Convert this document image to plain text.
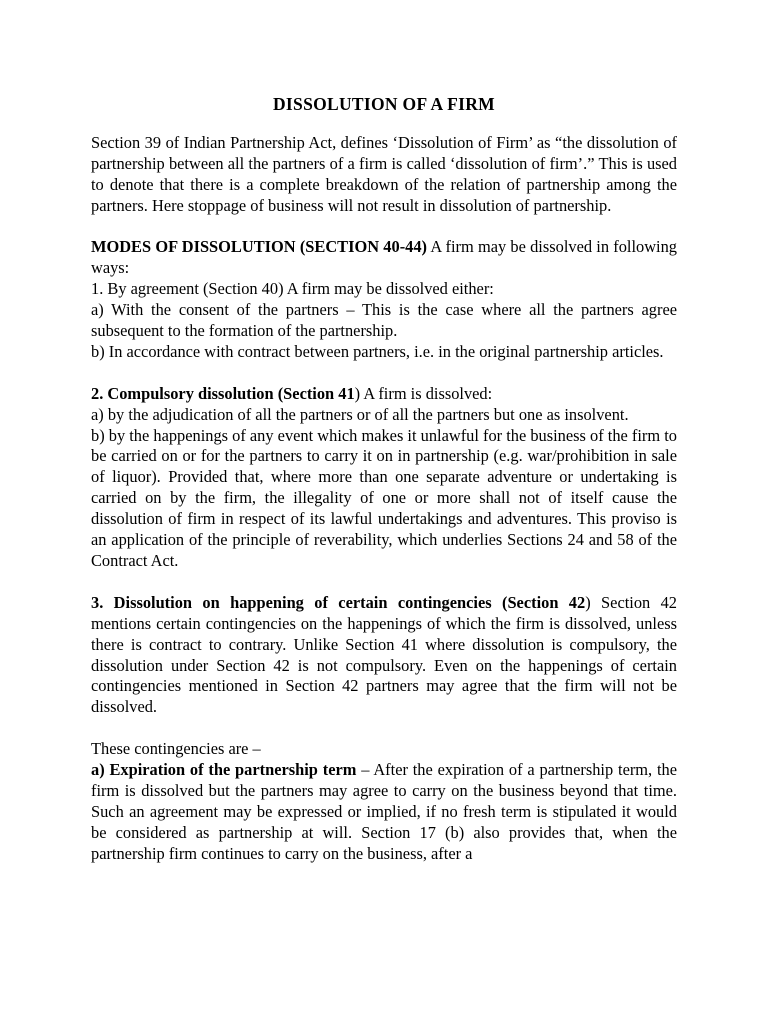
DISSOLUTION OF A FIRM

Section 39 of Indian Partnership Act, defines ‘Dissolution of Firm’ as “the dissolution of partnership between all the partners of a firm is called ‘dissolution of firm’.” This is used to denote that there is a complete breakdown of the relation of partnership among the partners. Here stoppage of business will not result in dissolution of partnership.

MODES OF DISSOLUTION (SECTION 40-44) A firm may be dissolved in following ways:

1. By agreement (Section 40) A firm may be dissolved either:

a) With the consent of the partners – This is the case where all the partners agree subsequent to the formation of the partnership.

b) In accordance with contract between partners, i.e. in the original partnership articles.

2. Compulsory dissolution (Section 41) A firm is dissolved:

a) by the adjudication of all the partners or of all the partners but one as insolvent.

b) by the happenings of any event which makes it unlawful for the business of the firm to be carried on or for the partners to carry it on in partnership (e.g. war/prohibition in sale of liquor). Provided that, where more than one separate adventure or undertaking is carried on by the firm, the illegality of one or more shall not of itself cause the dissolution of firm in respect of its lawful undertakings and adventures. This proviso is an application of the principle of reverability, which underlies Sections 24 and 58 of the Contract Act.

3. Dissolution on happening of certain contingencies (Section 42) Section 42 mentions certain contingencies on the happenings of which the firm is dissolved, unless there is contract to contrary. Unlike Section 41 where dissolution is compulsory, the dissolution under Section 42 is not compulsory. Even on the happenings of certain contingencies mentioned in Section 42 partners may agree that the firm will not be dissolved.

These contingencies are –

a) Expiration of the partnership term – After the expiration of a partnership term, the firm is dissolved but the partners may agree to carry on the business beyond that time. Such an agreement may be expressed or implied, if no fresh term is stipulated it would be considered as partnership at will. Section 17 (b) also provides that, when the partnership firm continues to carry on the business, after a
